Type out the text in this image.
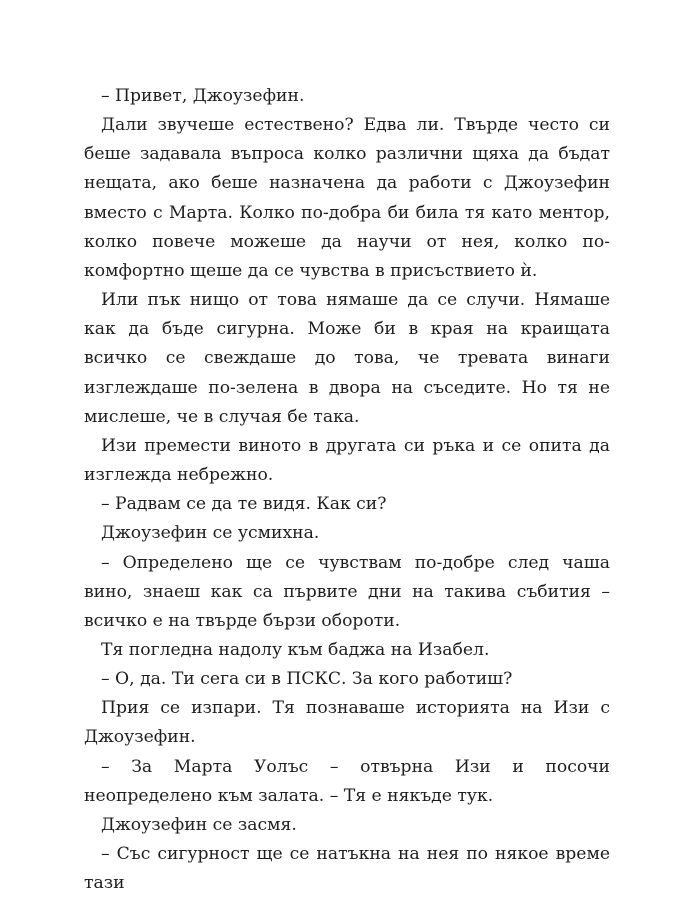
– Привет, Джоузефин.

Дали звучеше естествено? Едва ли. Твърде често си беше задавала въпроса колко различни щяха да бъдат нещата, ако беше назначена да работи с Джоузефин вместо с Марта. Колко по-добра би била тя като ментор, колко повече можеше да научи от нея, колко по-комфортно щеше да се чувства в присъствието ѝ.

Или пък нищо от това нямаше да се случи. Нямаше как да бъде сигурна. Може би в края на краищата всичко се свеждаше до това, че тревата винаги изглеждаше по-зелена в двора на съседите. Но тя не мислеше, че в случая бе така.

Изи премести виното в другата си ръка и се опита да изглежда небрежно.

– Радвам се да те видя. Как си?

Джоузефин се усмихна.

– Определено ще се чувствам по-добре след чаша вино, знаеш как са първите дни на такива събития – всичко е на твърде бързи обороти.

Тя погледна надолу към баджа на Изабел.

– О, да. Ти сега си в ПСКС. За кого работиш?

Прия се изпари. Тя познаваше историята на Изи с Джоузефин.

– За Марта Уолъс – отвърна Изи и посочи неопределено към залата. – Тя е някъде тук.

Джоузефин се засмя.

– Със сигурност ще се натъкна на нея по някое време тази
